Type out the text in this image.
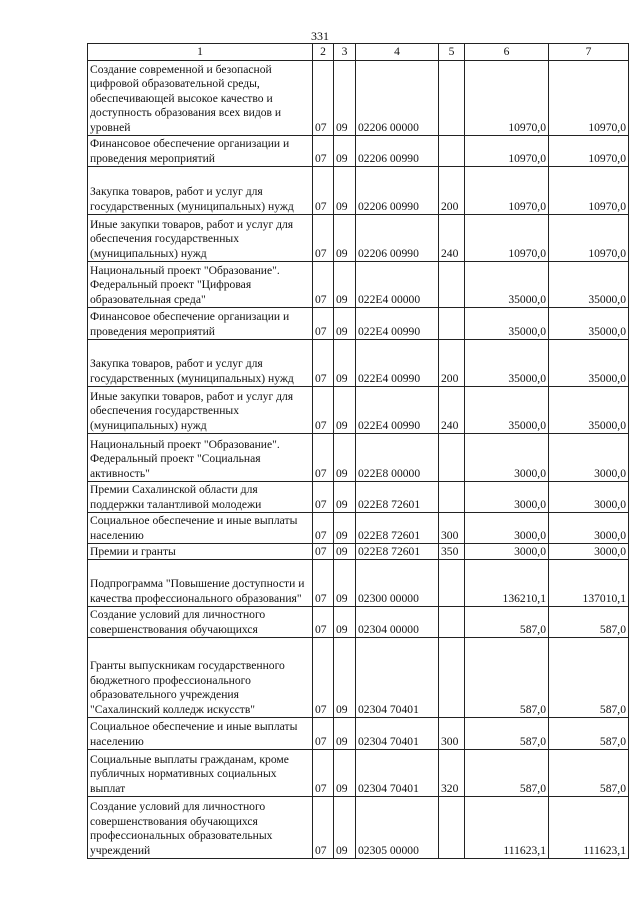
331
1	2	3	4	5	6	7
Создание современной и безопасной цифровой образовательной среды, обеспечивающей высокое качество и доступность образования всех видов и уровней	07	09	02206 00000		10970,0	10970,0
Финансовое обеспечение организации и проведения мероприятий	07	09	02206 00990		10970,0	10970,0
Закупка товаров, работ и услуг для государственных (муниципальных) нужд	07	09	02206 00990	200	10970,0	10970,0
Иные закупки товаров, работ и услуг для обеспечения государственных (муниципальных) нужд	07	09	02206 00990	240	10970,0	10970,0
Национальный проект "Образование". Федеральный проект "Цифровая образовательная среда"	07	09	022E4 00000		35000,0	35000,0
Финансовое обеспечение организации и проведения мероприятий	07	09	022E4 00990		35000,0	35000,0
Закупка товаров, работ и услуг для государственных (муниципальных) нужд	07	09	022E4 00990	200	35000,0	35000,0
Иные закупки товаров, работ и услуг для обеспечения государственных (муниципальных) нужд	07	09	022E4 00990	240	35000,0	35000,0
Национальный проект "Образование". Федеральный проект "Социальная активность"	07	09	022E8 00000		3000,0	3000,0
Премии Сахалинской области для поддержки талантливой молодежи	07	09	022E8 72601		3000,0	3000,0
Социальное обеспечение и иные выплаты населению	07	09	022E8 72601	300	3000,0	3000,0
Премии и гранты	07	09	022E8 72601	350	3000,0	3000,0
Подпрограмма "Повышение доступности и качества профессионального образования"	07	09	02300 00000		136210,1	137010,1
Создание условий для личностного совершенствования обучающихся	07	09	02304 00000		587,0	587,0
Гранты выпускникам государственного бюджетного профессионального образовательного учреждения "Сахалинский колледж искусств"	07	09	02304 70401		587,0	587,0
Социальное обеспечение и иные выплаты населению	07	09	02304 70401	300	587,0	587,0
Социальные выплаты гражданам, кроме публичных нормативных социальных выплат	07	09	02304 70401	320	587,0	587,0
Создание условий для личностного совершенствования обучающихся профессиональных образовательных учреждений	07	09	02305 00000		111623,1	111623,1
